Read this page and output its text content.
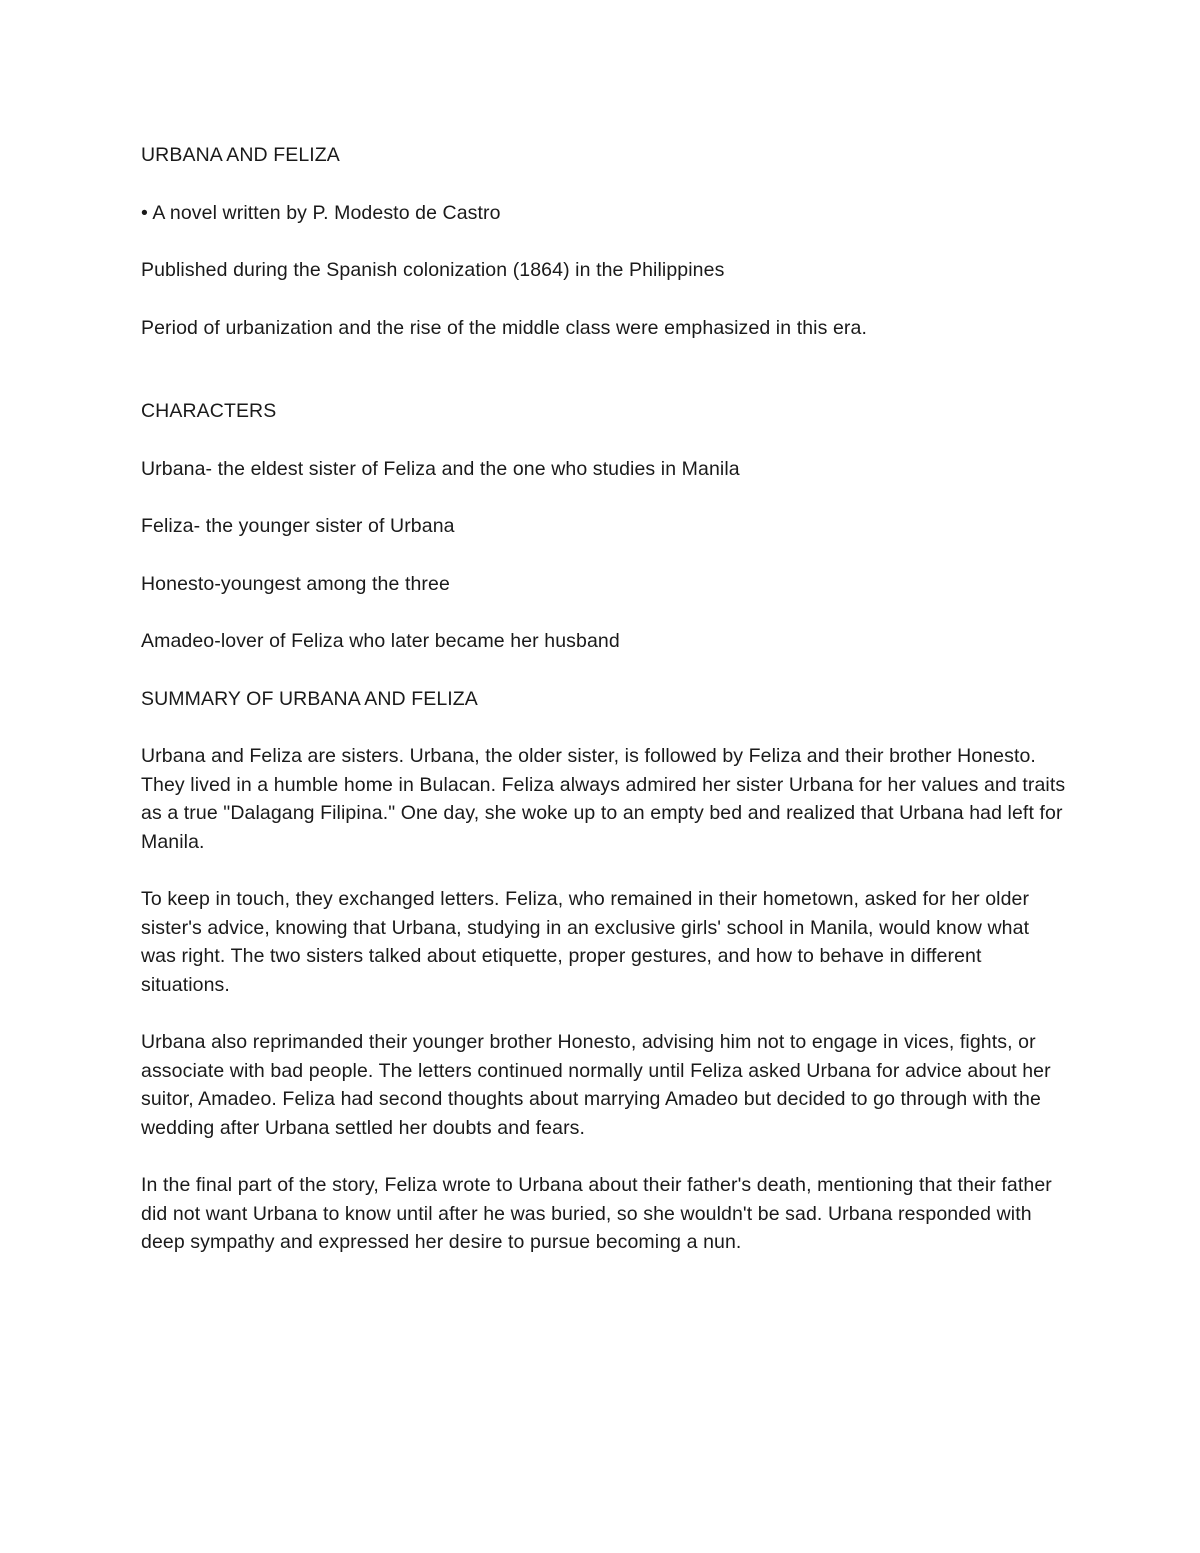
URBANA AND FELIZA

• A novel written by P. Modesto de Castro

Published during the Spanish colonization (1864) in the Philippines

Period of urbanization and the rise of the middle class were emphasized in this era.

CHARACTERS

Urbana- the eldest sister of Feliza and the one who studies in Manila

Feliza- the younger sister of Urbana

Honesto-youngest among the three

Amadeo-lover of Feliza who later became her husband

SUMMARY OF URBANA AND FELIZA

Urbana and Feliza are sisters. Urbana, the older sister, is followed by Feliza and their brother Honesto. They lived in a humble home in Bulacan. Feliza always admired her sister Urbana for her values and traits as a true "Dalagang Filipina." One day, she woke up to an empty bed and realized that Urbana had left for Manila.

To keep in touch, they exchanged letters. Feliza, who remained in their hometown, asked for her older sister's advice, knowing that Urbana, studying in an exclusive girls' school in Manila, would know what was right. The two sisters talked about etiquette, proper gestures, and how to behave in different situations.

Urbana also reprimanded their younger brother Honesto, advising him not to engage in vices, fights, or associate with bad people. The letters continued normally until Feliza asked Urbana for advice about her suitor, Amadeo. Feliza had second thoughts about marrying Amadeo but decided to go through with the wedding after Urbana settled her doubts and fears.

In the final part of the story, Feliza wrote to Urbana about their father's death, mentioning that their father did not want Urbana to know until after he was buried, so she wouldn't be sad. Urbana responded with deep sympathy and expressed her desire to pursue becoming a nun.
